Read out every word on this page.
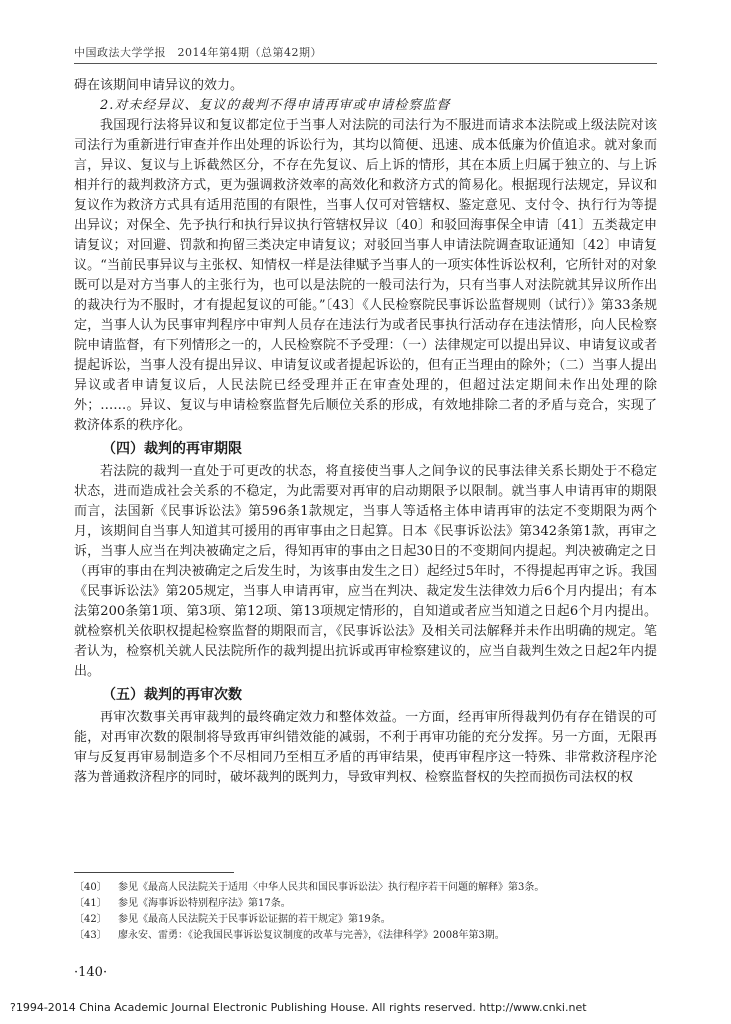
中国政法大学学报　2014年第4期（总第42期）

碍在该期间申请异议的效力。

2.对未经异议、复议的裁判不得申请再审或申请检察监督

我国现行法将异议和复议都定位于当事人对法院的司法行为不服进而请求本法院或上级法院对该司法行为重新进行审查并作出处理的诉讼行为，其均以简便、迅速、成本低廉为价值追求。就对象而言，异议、复议与上诉截然区分，不存在先复议、后上诉的情形，其在本质上归属于独立的、与上诉相并行的裁判救济方式，更为强调救济效率的高效化和救济方式的简易化。根据现行法规定，异议和复议作为救济方式具有适用范围的有限性，当事人仅可对管辖权、鉴定意见、支付令、执行行为等提出异议；对保全、先予执行和执行异议执行管辖权异议〔40〕和驳回海事保全申请〔41〕五类裁定申请复议；对回避、罚款和拘留三类决定申请复议；对驳回当事人申请法院调查取证通知〔42〕申请复议。“当前民事异议与主张权、知情权一样是法律赋予当事人的一项实体性诉讼权利，它所针对的对象既可以是对方当事人的主张行为，也可以是法院的一般司法行为，只有当事人对法院就其异议所作出的裁决行为不服时，才有提起复议的可能。”〔43〕《人民检察院民事诉讼监督规则（试行）》第33条规定，当事人认为民事审判程序中审判人员存在违法行为或者民事执行活动存在违法情形，向人民检察院申请监督，有下列情形之一的，人民检察院不予受理：（一）法律规定可以提出异议、申请复议或者提起诉讼，当事人没有提出异议、申请复议或者提起诉讼的，但有正当理由的除外；（二）当事人提出异议或者申请复议后，人民法院已经受理并正在审查处理的，但超过法定期间未作出处理的除外；……。异议、复议与申请检察监督先后顺位关系的形成，有效地排除二者的矛盾与竞合，实现了救济体系的秩序化。

（四）裁判的再审期限

若法院的裁判一直处于可更改的状态，将直接使当事人之间争议的民事法律关系长期处于不稳定状态，进而造成社会关系的不稳定，为此需要对再审的启动期限予以限制。就当事人申请再审的期限而言，法国新《民事诉讼法》第596条1款规定，当事人等适格主体申请再审的法定不变期限为两个月，该期间自当事人知道其可援用的再审事由之日起算。日本《民事诉讼法》第342条第1款，再审之诉，当事人应当在判决被确定之后，得知再审的事由之日起30日的不变期间内提起。判决被确定之日（再审的事由在判决被确定之后发生时，为该事由发生之日）起经过5年时，不得提起再审之诉。我国《民事诉讼法》第205规定，当事人申请再审，应当在判决、裁定发生法律效力后6个月内提出；有本法第200条第1项、第3项、第12项、第13项规定情形的，自知道或者应当知道之日起6个月内提出。就检察机关依职权提起检察监督的期限而言，《民事诉讼法》及相关司法解释并未作出明确的规定。笔者认为，检察机关就人民法院所作的裁判提出抗诉或再审检察建议的，应当自裁判生效之日起2年内提出。

（五）裁判的再审次数

再审次数事关再审裁判的最终确定效力和整体效益。一方面，经再审所得裁判仍有存在错误的可能，对再审次数的限制将导致再审纠错效能的减弱，不利于再审功能的充分发挥。另一方面，无限再审与反复再审易制造多个不尽相同乃至相互矛盾的再审结果，使再审程序这一特殊、非常救济程序沦落为普通救济程序的同时，破坏裁判的既判力，导致审判权、检察监督权的失控而损伤司法权的权

〔40〕 参见《最高人民法院关于适用〈中华人民共和国民事诉讼法〉执行程序若干问题的解释》第3条。
〔41〕 参见《海事诉讼特别程序法》第17条。
〔42〕 参见《最高人民法院关于民事诉讼证据的若干规定》第19条。
〔43〕 廖永安、雷勇：《论我国民事诉讼复议制度的改革与完善》，《法律科学》2008年第3期。
·140·
?1994-2014 China Academic Journal Electronic Publishing House. All rights reserved. http://www.cnki.net
